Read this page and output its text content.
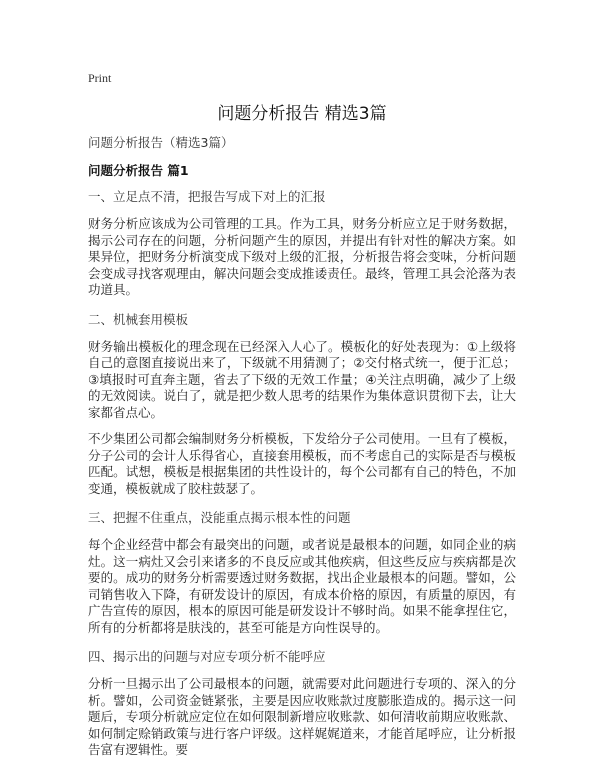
Print
问题分析报告 精选3篇
问题分析报告（精选3篇）
问题分析报告 篇1
一、立足点不清，把报告写成下对上的汇报
财务分析应该成为公司管理的工具。作为工具，财务分析应立足于财务数据，揭示公司存在的问题，分析问题产生的原因，并提出有针对性的解决方案。如果异位，把财务分析演变成下级对上级的汇报，分析报告将会变味，分析问题会变成寻找客观理由，解决问题会变成推诿责任。最终，管理工具会沦落为表功道具。
二、机械套用模板
财务输出模板化的理念现在已经深入人心了。模板化的好处表现为：①上级将自己的意图直接说出来了，下级就不用猜测了；②交付格式统一，便于汇总；③填报时可直奔主题，省去了下级的无效工作量；④关注点明确，减少了上级的无效阅读。说白了，就是把少数人思考的结果作为集体意识贯彻下去，让大家都省点心。
不少集团公司都会编制财务分析模板，下发给分子公司使用。一旦有了模板，分子公司的会计人乐得省心，直接套用模板，而不考虑自己的实际是否与模板匹配。试想，模板是根据集团的共性设计的，每个公司都有自己的特色，不加变通，模板就成了胶柱鼓瑟了。
三、把握不住重点，没能重点揭示根本性的问题
每个企业经营中都会有最突出的问题，或者说是最根本的问题，如同企业的病灶。这一病灶又会引来诸多的不良反应或其他疾病，但这些反应与疾病都是次要的。成功的财务分析需要透过财务数据，找出企业最根本的问题。譬如，公司销售收入下降，有研发设计的原因，有成本价格的原因，有质量的原因，有广告宣传的原因，根本的原因可能是研发设计不够时尚。如果不能拿捏住它，所有的分析都将是肤浅的，甚至可能是方向性误导的。
四、揭示出的问题与对应专项分析不能呼应
分析一旦揭示出了公司最根本的问题，就需要对此问题进行专项的、深入的分析。譬如，公司资金链紧张，主要是因应收账款过度膨胀造成的。揭示这一问题后，专项分析就应定位在如何限制新增应收账款、如何清收前期应收账款、如何制定赊销政策与进行客户评级。这样娓娓道来，才能首尾呼应，让分析报告富有逻辑性。要
